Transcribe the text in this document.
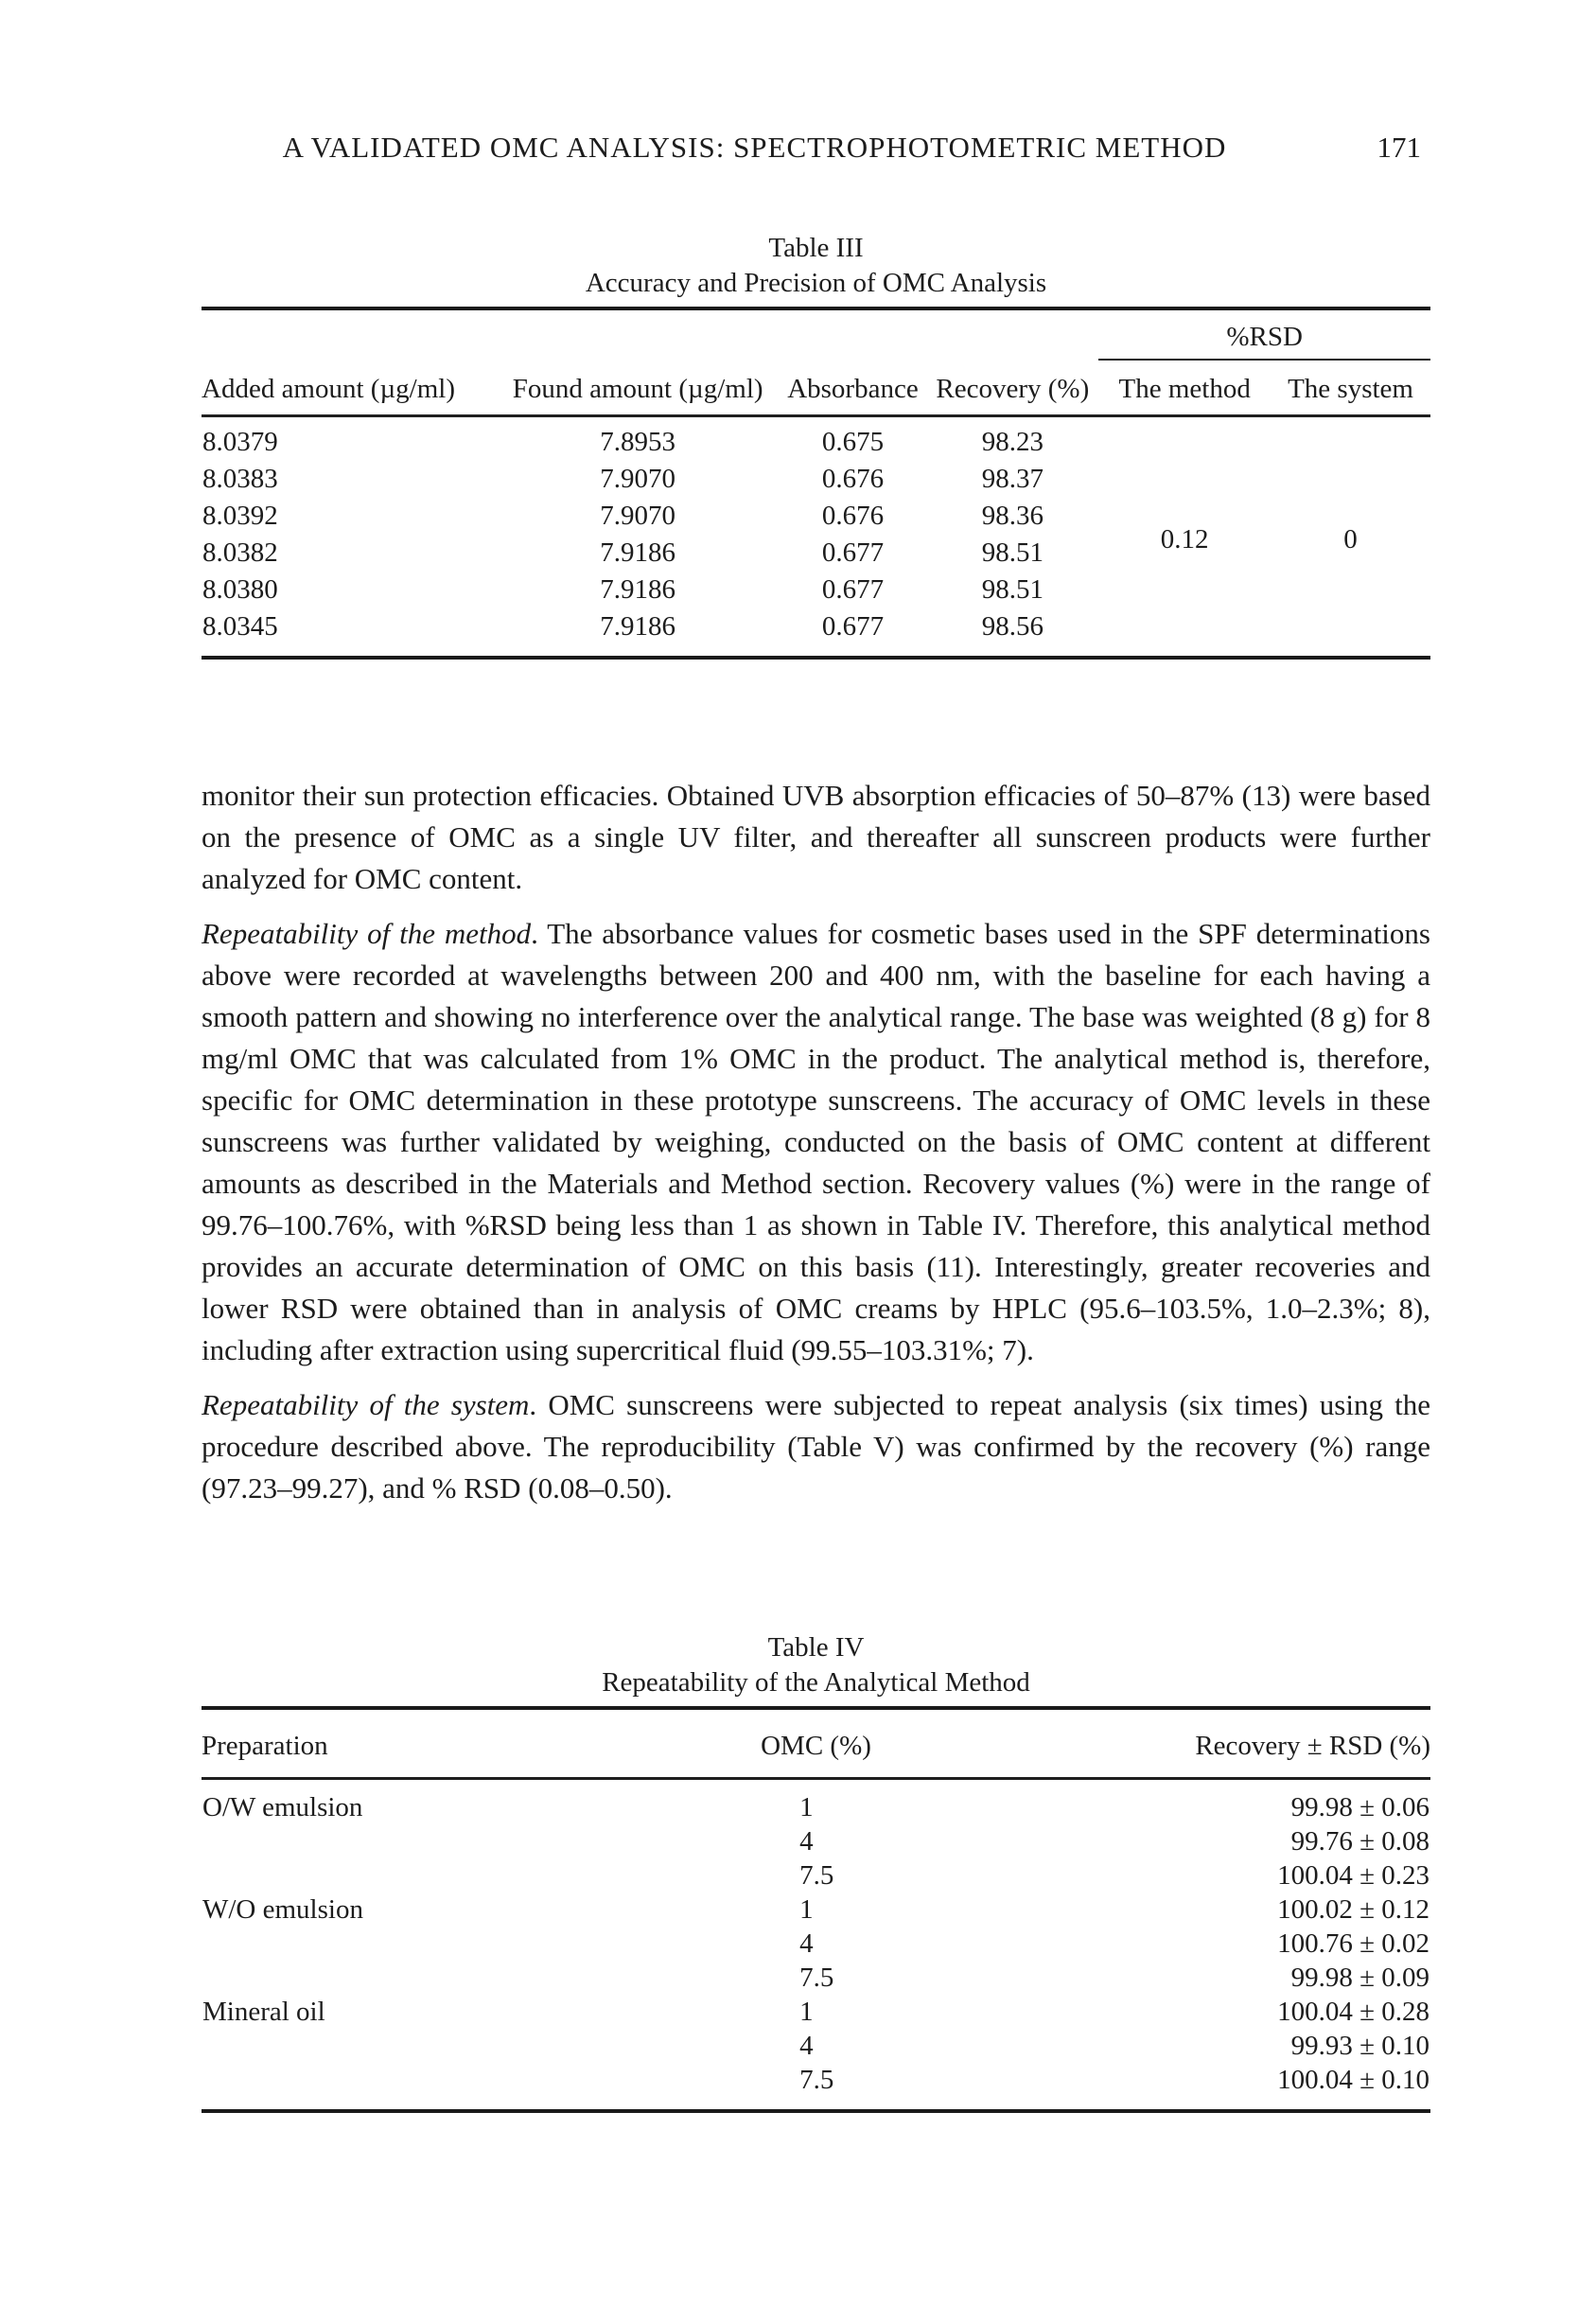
A VALIDATED OMC ANALYSIS: SPECTROPHOTOMETRIC METHOD	171
Table III
Accuracy and Precision of OMC Analysis
				%RSD	
Added amount (µg/ml)	Found amount (µg/ml)	Absorbance	Recovery (%)	The method	The system
8.0379	7.8953	0.675	98.23	0.12	0
8.0383	7.9070	0.676	98.37		
8.0392	7.9070	0.676	98.36		
8.0382	7.9186	0.677	98.51		
8.0380	7.9186	0.677	98.51		
8.0345	7.9186	0.677	98.56		

monitor their sun protection efficacies. Obtained UVB absorption efficacies of 50–87% (13) were based on the presence of OMC as a single UV filter, and thereafter all sunscreen products were further analyzed for OMC content.

Repeatability of the method. The absorbance values for cosmetic bases used in the SPF determinations above were recorded at wavelengths between 200 and 400 nm, with the baseline for each having a smooth pattern and showing no interference over the analytical range. The base was weighted (8 g) for 8 mg/ml OMC that was calculated from 1% OMC in the product. The analytical method is, therefore, specific for OMC determination in these prototype sunscreens. The accuracy of OMC levels in these sunscreens was further validated by weighing, conducted on the basis of OMC content at different amounts as described in the Materials and Method section. Recovery values (%) were in the range of 99.76–100.76%, with %RSD being less than 1 as shown in Table IV. Therefore, this analytical method provides an accurate determination of OMC on this basis (11). Interestingly, greater recoveries and lower RSD were obtained than in analysis of OMC creams by HPLC (95.6–103.5%, 1.0–2.3%; 8), including after extraction using supercritical fluid (99.55–103.31%; 7).

Repeatability of the system. OMC sunscreens were subjected to repeat analysis (six times) using the procedure described above. The reproducibility (Table V) was confirmed by the recovery (%) range (97.23–99.27), and % RSD (0.08–0.50).

Table IV
Repeatability of the Analytical Method
Preparation	OMC (%)	Recovery ± RSD (%)
O/W emulsion	1	99.98 ± 0.06
	4	99.76 ± 0.08
	7.5	100.04 ± 0.23
W/O emulsion	1	100.02 ± 0.12
	4	100.76 ± 0.02
	7.5	99.98 ± 0.09
Mineral oil	1	100.04 ± 0.28
	4	99.93 ± 0.10
	7.5	100.04 ± 0.10
